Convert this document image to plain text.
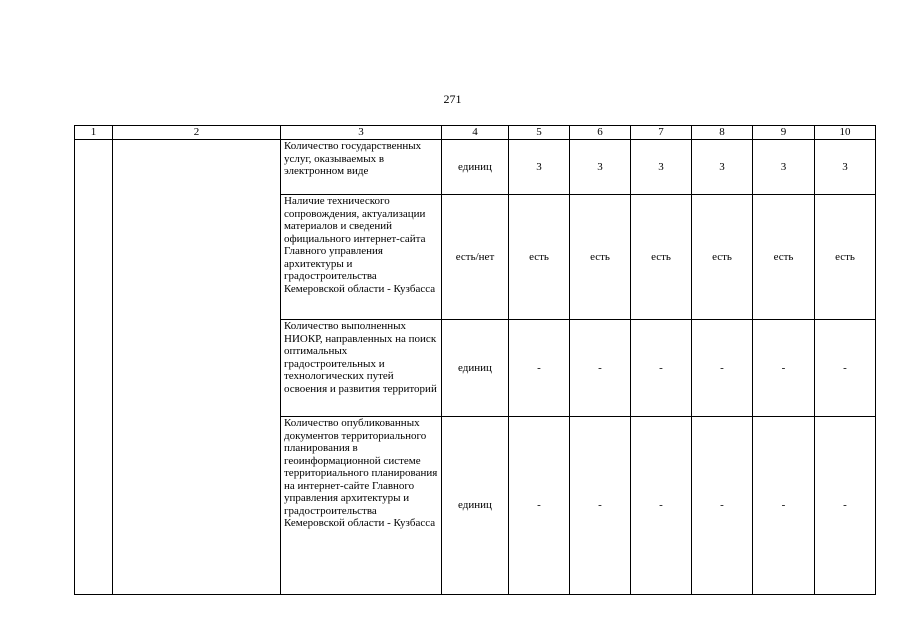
271
1	2	3	4	5	6	7	8	9	10
		Количество государственных услуг, оказываемых в электронном виде	единиц	3	3	3	3	3	3
		Наличие технического сопровождения, актуализации материалов и сведений официального интернет-сайта Главного управления архитектуры и градостроительства Кемеровской области - Кузбасса	есть/нет	есть	есть	есть	есть	есть	есть
		Количество выполненных НИОКР, направленных на поиск оптимальных градостроительных и технологических путей освоения и развития территорий	единиц	-	-	-	-	-	-
		Количество опубликованных документов территориального планирования в геоинформационной системе территориального планирования на интернет-сайте Главного управления архитектуры и градостроительства Кемеровской области - Кузбасса	единиц	-	-	-	-	-	-
